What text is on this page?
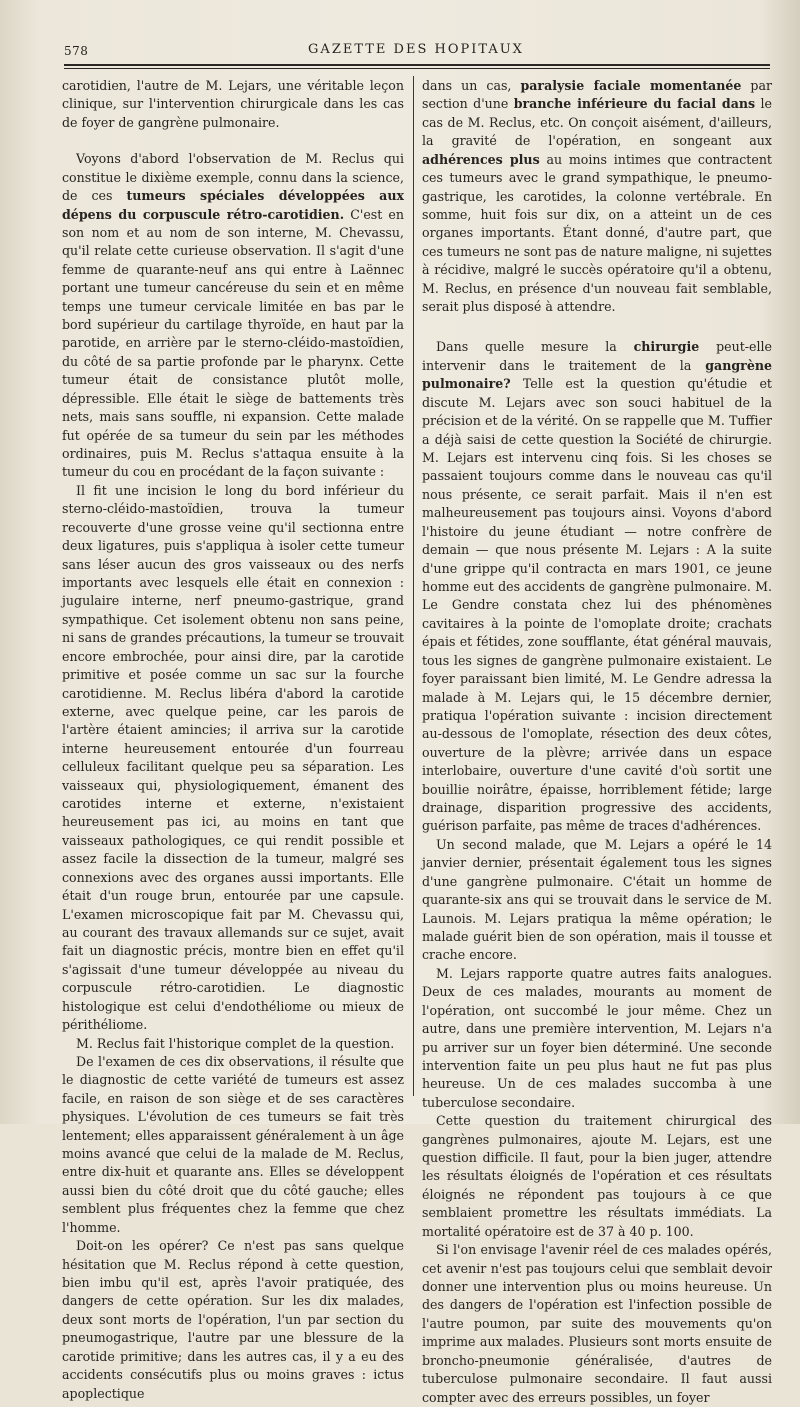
578	GAZETTE DES HOPITAUX

carotidien, l'autre de M. Lejars, une véritable leçon clinique, sur l'intervention chirurgicale dans les cas de foyer de gangrène pulmonaire.

Voyons d'abord l'observation de M. Reclus qui constitue le dixième exemple, connu dans la science, de ces tumeurs spéciales développées aux dépens du corpuscule rétro-carotidien. C'est en son nom et au nom de son interne, M. Chevassu, qu'il relate cette curieuse observation. Il s'agit d'une femme de quarante-neuf ans qui entre à Laënnec portant une tumeur cancéreuse du sein et en même temps une tumeur cervicale limitée en bas par le bord supérieur du cartilage thyroïde, en haut par la parotide, en arrière par le sterno-cléido-mastoïdien, du côté de sa partie profonde par le pharynx. Cette tumeur était de consistance plutôt molle, dépressible. Elle était le siège de battements très nets, mais sans souffle, ni expansion. Cette malade fut opérée de sa tumeur du sein par les méthodes ordinaires, puis M. Reclus s'attaqua ensuite à la tumeur du cou en procédant de la façon suivante :

Il fit une incision le long du bord inférieur du sterno-cléido-mastoïdien, trouva la tumeur recouverte d'une grosse veine qu'il sectionna entre deux ligatures, puis s'appliqua à isoler cette tumeur sans léser aucun des gros vaisseaux ou des nerfs importants avec lesquels elle était en connexion : jugulaire interne, nerf pneumo-gastrique, grand sympathique. Cet isolement obtenu non sans peine, ni sans de grandes précautions, la tumeur se trouvait encore embrochée, pour ainsi dire, par la carotide primitive et posée comme un sac sur la fourche carotidienne. M. Reclus libéra d'abord la carotide externe, avec quelque peine, car les parois de l'artère étaient amincies; il arriva sur la carotide interne heureusement entourée d'un fourreau celluleux facilitant quelque peu sa séparation. Les vaisseaux qui, physiologiquement, émanent des carotides interne et externe, n'existaient heureusement pas ici, au moins en tant que vaisseaux pathologiques, ce qui rendit possible et assez facile la dissection de la tumeur, malgré ses connexions avec des organes aussi importants. Elle était d'un rouge brun, entourée par une capsule. L'examen microscopique fait par M. Chevassu qui, au courant des travaux allemands sur ce sujet, avait fait un diagnostic précis, montre bien en effet qu'il s'agissait d'une tumeur développée au niveau du corpuscule rétro-carotidien. Le diagnostic histologique est celui d'endothéliome ou mieux de périthéliome.

M. Reclus fait l'historique complet de la question.

De l'examen de ces dix observations, il résulte que le diagnostic de cette variété de tumeurs est assez facile, en raison de son siège et de ses caractères physiques. L'évolution de ces tumeurs se fait très lentement; elles apparaissent généralement à un âge moins avancé que celui de la malade de M. Reclus, entre dix-huit et quarante ans. Elles se développent aussi bien du côté droit que du côté gauche; elles semblent plus fréquentes chez la femme que chez l'homme.

Doit-on les opérer? Ce n'est pas sans quelque hésitation que M. Reclus répond à cette question, bien imbu qu'il est, après l'avoir pratiquée, des dangers de cette opération. Sur les dix malades, deux sont morts de l'opération, l'un par section du pneumogastrique, l'autre par une blessure de la carotide primitive; dans les autres cas, il y a eu des accidents consécutifs plus ou moins graves : ictus apoplectique

dans un cas, paralysie faciale momentanée par section d'une branche inférieure du facial dans le cas de M. Reclus, etc. On conçoit aisément, d'ailleurs, la gravité de l'opération, en songeant aux adhérences plus au moins intimes que contractent ces tumeurs avec le grand sympathique, le pneumo-gastrique, les carotides, la colonne vertébrale. En somme, huit fois sur dix, on a atteint un de ces organes importants. Étant donné, d'autre part, que ces tumeurs ne sont pas de nature maligne, ni sujettes à récidive, malgré le succès opératoire qu'il a obtenu, M. Reclus, en présence d'un nouveau fait semblable, serait plus disposé à attendre.

Dans quelle mesure la chirurgie peut-elle intervenir dans le traitement de la gangrène pulmonaire? Telle est la question qu'étudie et discute M. Lejars avec son souci habituel de la précision et de la vérité. On se rappelle que M. Tuffier a déjà saisi de cette question la Société de chirurgie. M. Lejars est intervenu cinq fois. Si les choses se passaient toujours comme dans le nouveau cas qu'il nous présente, ce serait parfait. Mais il n'en est malheureusement pas toujours ainsi. Voyons d'abord l'histoire du jeune étudiant — notre confrère de demain — que nous présente M. Lejars : A la suite d'une grippe qu'il contracta en mars 1901, ce jeune homme eut des accidents de gangrène pulmonaire. M. Le Gendre constata chez lui des phénomènes cavitaires à la pointe de l'omoplate droite; crachats épais et fétides, zone soufflante, état général mauvais, tous les signes de gangrène pulmonaire existaient. Le foyer paraissant bien limité, M. Le Gendre adressa la malade à M. Lejars qui, le 15 décembre dernier, pratiqua l'opération suivante : incision directement au-dessous de l'omoplate, résection des deux côtes, ouverture de la plèvre; arrivée dans un espace interlobaire, ouverture d'une cavité d'où sortit une bouillie noirâtre, épaisse, horriblement fétide; large drainage, disparition progressive des accidents, guérison parfaite, pas même de traces d'adhérences.

Un second malade, que M. Lejars a opéré le 14 janvier dernier, présentait également tous les signes d'une gangrène pulmonaire. C'était un homme de quarante-six ans qui se trouvait dans le service de M. Launois. M. Lejars pratiqua la même opération; le malade guérit bien de son opération, mais il tousse et crache encore.

M. Lejars rapporte quatre autres faits analogues. Deux de ces malades, mourants au moment de l'opération, ont succombé le jour même. Chez un autre, dans une première intervention, M. Lejars n'a pu arriver sur un foyer bien déterminé. Une seconde intervention faite un peu plus haut ne fut pas plus heureuse. Un de ces malades succomba à une tuberculose secondaire.

Cette question du traitement chirurgical des gangrènes pulmonaires, ajoute M. Lejars, est une question difficile. Il faut, pour la bien juger, attendre les résultats éloignés de l'opération et ces résultats éloignés ne répondent pas toujours à ce que semblaient promettre les résultats immédiats. La mortalité opératoire est de 37 à 40 p. 100.

Si l'on envisage l'avenir réel de ces malades opérés, cet avenir n'est pas toujours celui que semblait devoir donner une intervention plus ou moins heureuse. Un des dangers de l'opération est l'infection possible de l'autre poumon, par suite des mouvements qu'on imprime aux malades. Plusieurs sont morts ensuite de broncho-pneumonie généralisée, d'autres de tuberculose pulmonaire secondaire. Il faut aussi compter avec des erreurs possibles, un foyer
